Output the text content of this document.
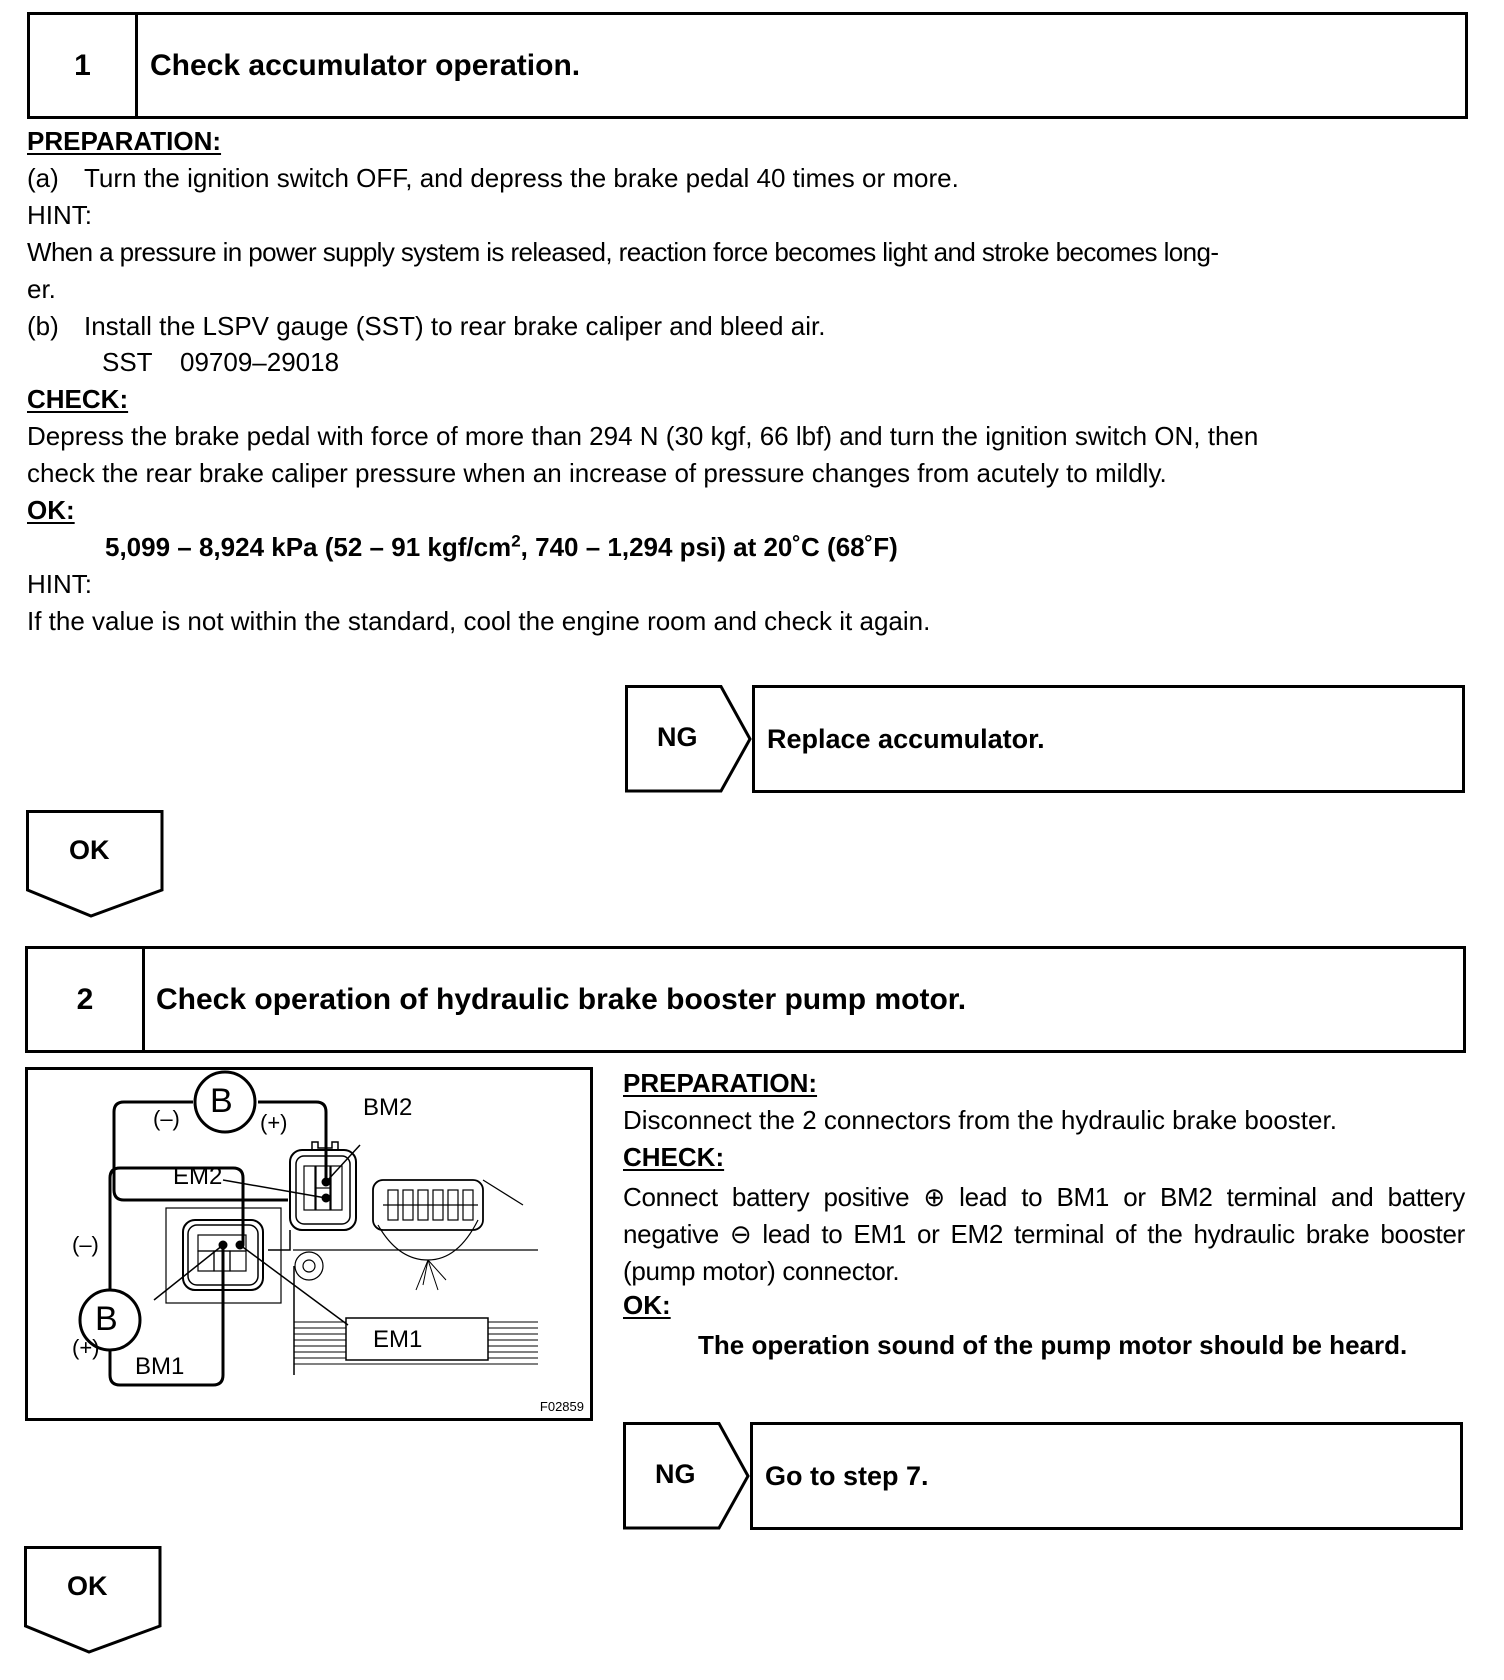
1	Check accumulator operation.
PREPARATION:
(a) Turn the ignition switch OFF, and depress the brake pedal 40 times or more.
HINT:
When a pressure in power supply system is released, reaction force becomes light and stroke becomes long-
er.
(b) Install the LSPV gauge (SST) to rear brake caliper and bleed air.
SST 09709–29018
CHECK:
Depress the brake pedal with force of more than 294 N (30 kgf, 66 lbf) and turn the ignition switch ON, then
check the rear brake caliper pressure when an increase of pressure changes from acutely to mildly.
OK:
5,099 – 8,924 kPa (52 – 91 kgf/$cm^2$, 740 – 1,294 psi) at 20˚C (68˚F)
HINT:
If the value is not within the standard, cool the engine room and check it again.
NG	Replace accumulator.
OK
2	Check operation of hydraulic brake booster pump motor.
B
(–)	(+)
BM2
EM2
(–)
B
(+)
BM1
EM1
F02859
PREPARATION:
Disconnect the 2 connectors from the hydraulic brake booster.
CHECK:
Connect battery positive ⊕ lead to BM1 or BM2 terminal and battery negative ⊖ lead to EM1 or EM2 terminal of the hydraulic brake booster (pump motor) connector.
OK:
The operation sound of the pump motor should be heard.
NG	Go to step 7.
OK
